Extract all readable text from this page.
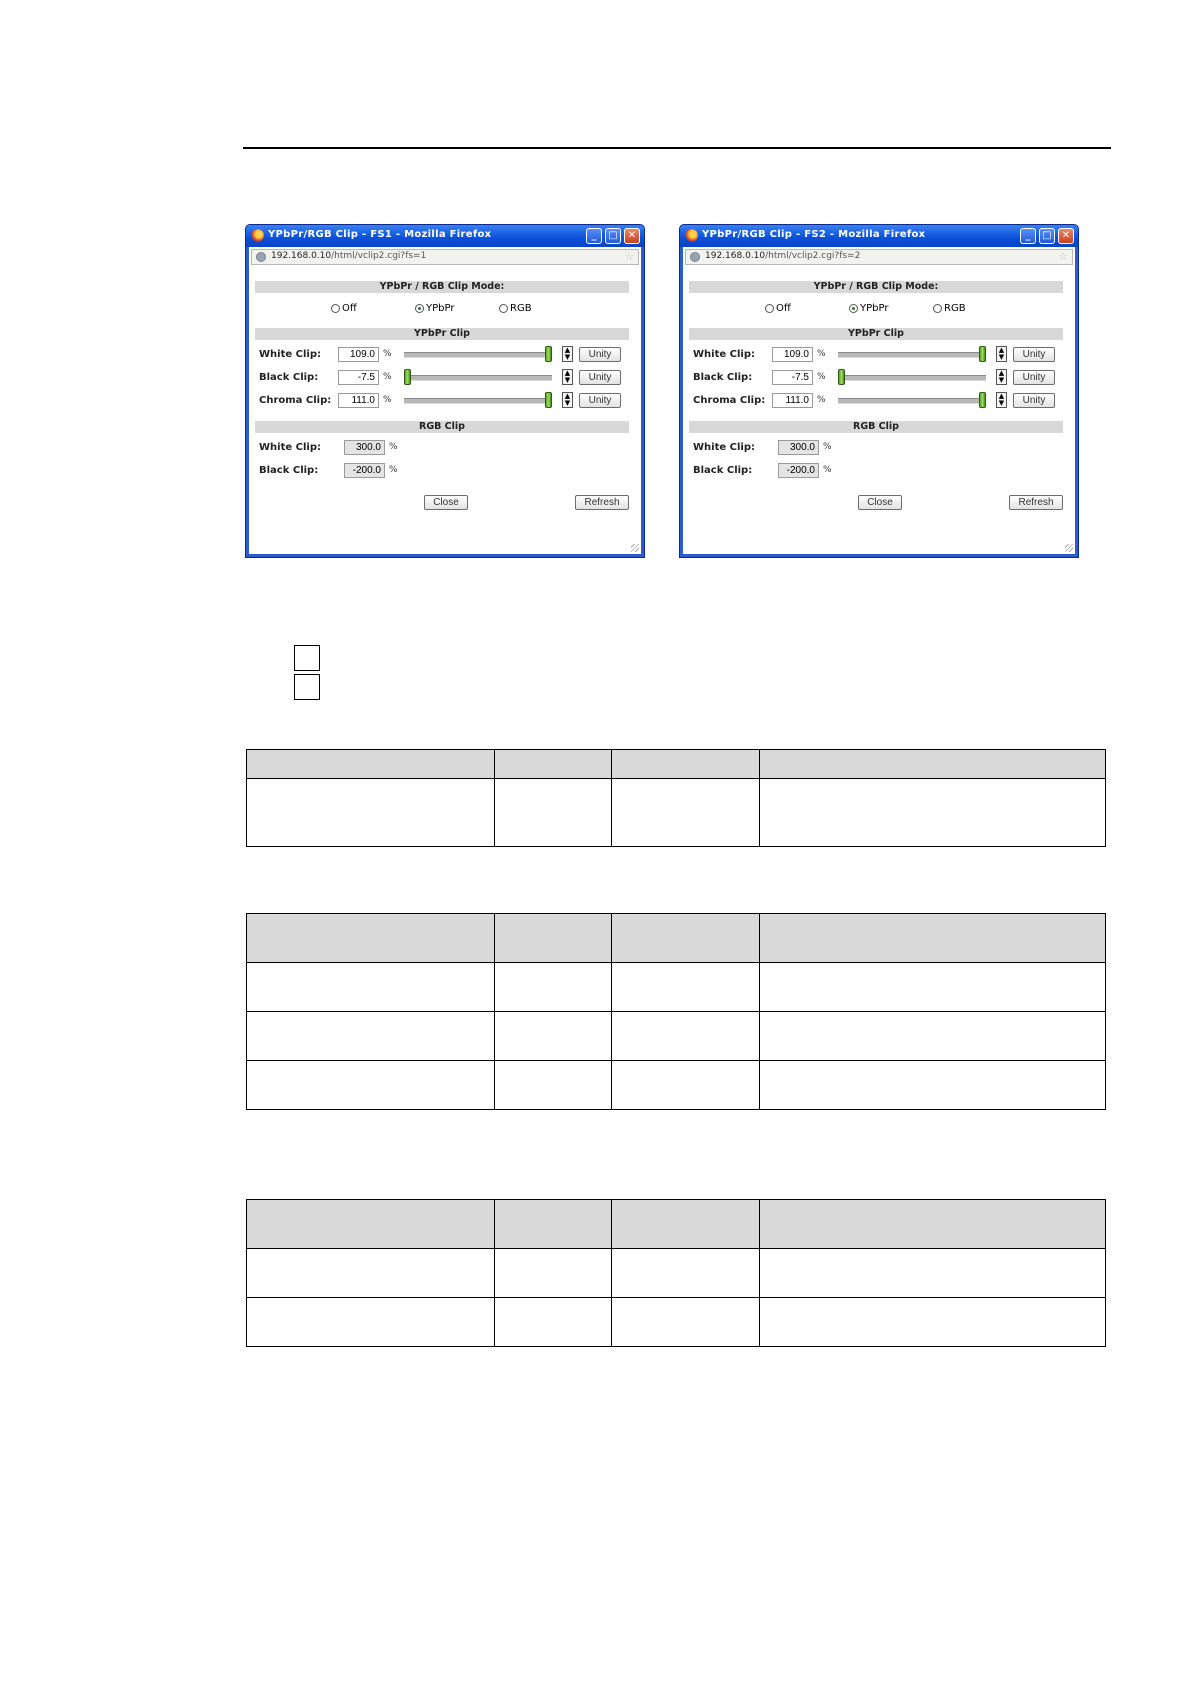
YPbPr/RGB Clip - FS1 - Mozilla Firefox	_	□	✕
192.168.0.10/html/vclip2.cgi?fs=1	☆
YPbPr / RGB Clip Mode:
Off	YPbPr	RGB
YPbPr Clip
White Clip:	109.0 %	▲
▼	Unity
Black Clip:	-7.5 %	▲
▼	Unity
Chroma Clip:	111.0 %	▲
▼	Unity
RGB Clip
White Clip:	300.0 %
Black Clip:	-200.0 %
Close	Refresh
YPbPr/RGB Clip - FS2 - Mozilla Firefox	_	□	✕
192.168.0.10/html/vclip2.cgi?fs=2	☆
YPbPr / RGB Clip Mode:
Off	YPbPr	RGB
YPbPr Clip
White Clip:	109.0 %	▲
▼	Unity
Black Clip:	-7.5 %	▲
▼	Unity
Chroma Clip:	111.0 %	▲
▼	Unity
RGB Clip
White Clip:	300.0 %
Black Clip:	-200.0 %
Close	Refresh
